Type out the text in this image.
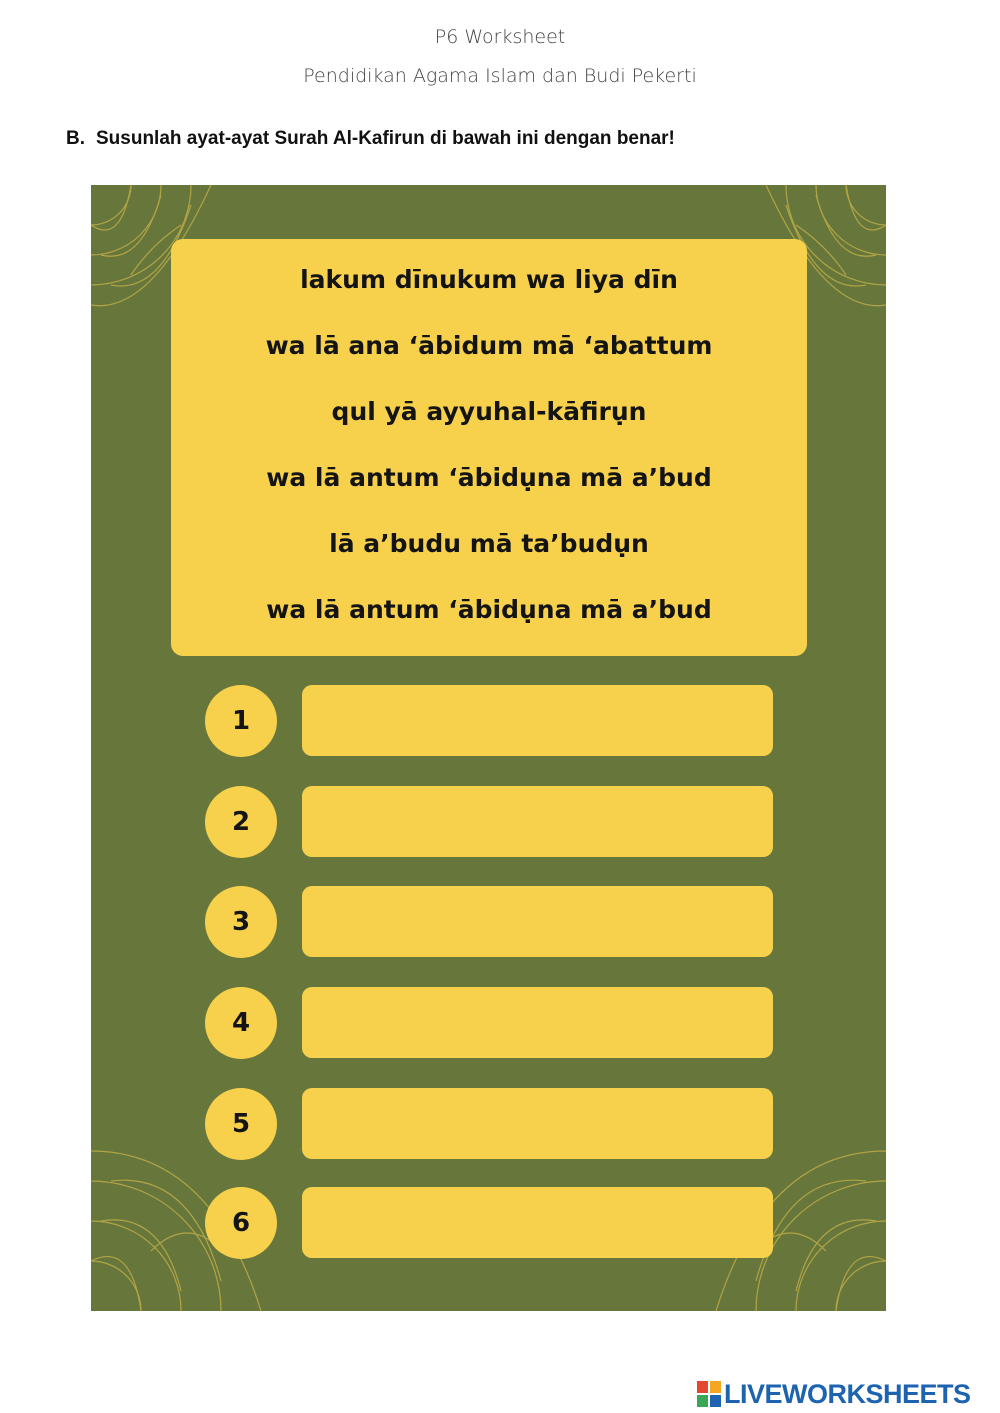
P6 Worksheet
Pendidikan Agama Islam dan Budi Pekerti
B. Susunlah ayat-ayat Surah Al-Kafirun di bawah ini dengan benar!
lakum dīnukum wa liya dīn
wa lā ana ‘ābidum mā ‘abattum
qul yā ayyuhal-kāfirụn
wa lā antum ‘ābidụna mā a’bud
lā a’budu mā ta’budụn
wa lā antum ‘ābidụna mā a’bud
1
2
3
4
5
6
LIVEWORKSHEETS
